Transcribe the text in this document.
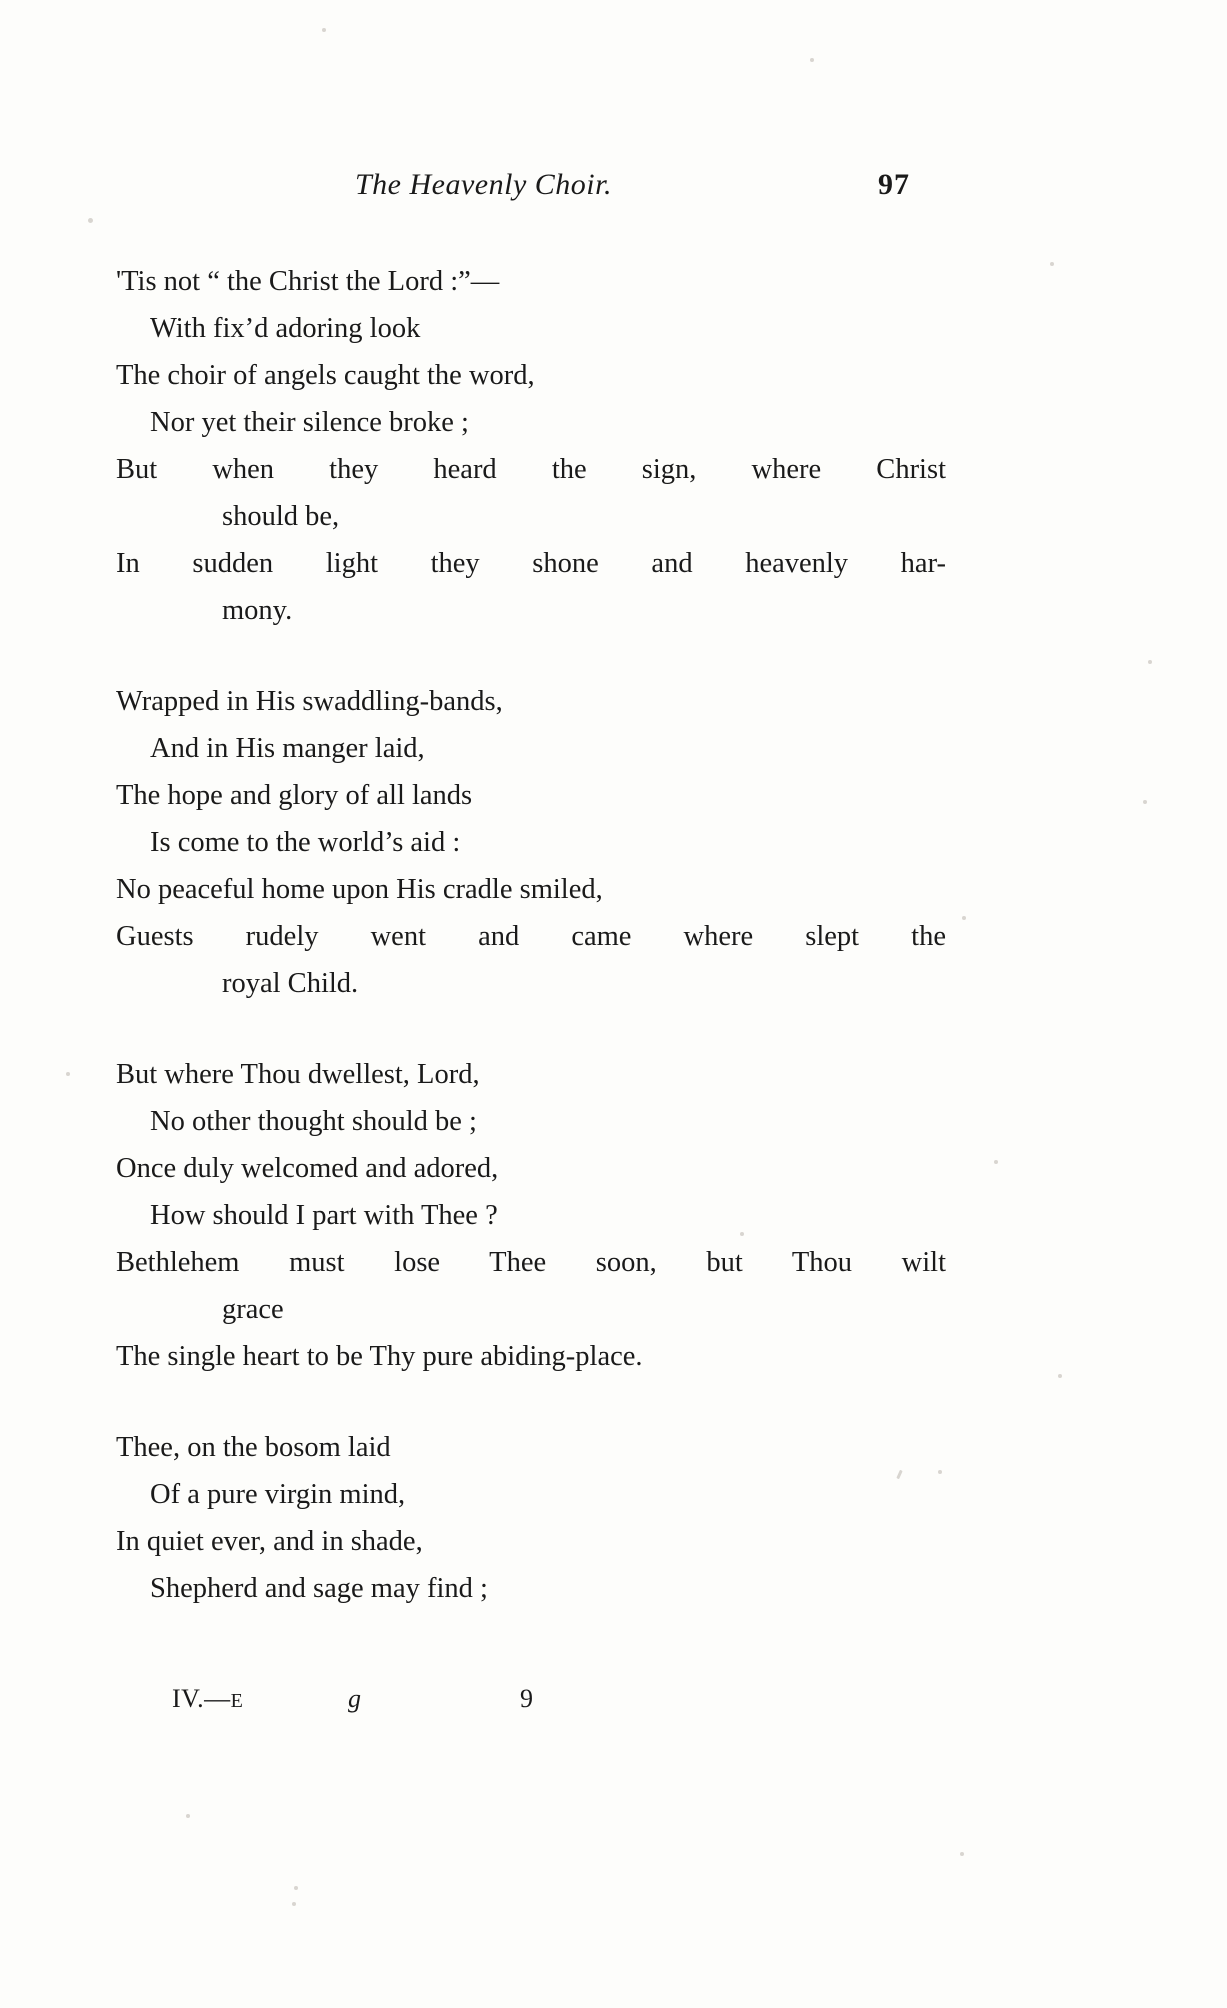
The Heavenly Choir.	97
'Tis not “ the Christ the Lord :”—
With fix’d adoring look
The choir of angels caught the word,
Nor yet their silence broke ;
But when they heard the sign, where Christ
should be,
In sudden light they shone and heavenly har-
mony.
Wrapped in His swaddling-bands,
And in His manger laid,
The hope and glory of all lands
Is come to the world’s aid :
No peaceful home upon His cradle smiled,
Guests rudely went and came where slept the
royal Child.
But where Thou dwellest, Lord,
No other thought should be ;
Once duly welcomed and adored,
How should I part with Thee ?
Bethlehem must lose Thee soon, but Thou wilt
grace
The single heart to be Thy pure abiding-place.
Thee, on the bosom laid
Of a pure virgin mind,
In quiet ever, and in shade,
Shepherd and sage may find ;
IV.—E	g	9
